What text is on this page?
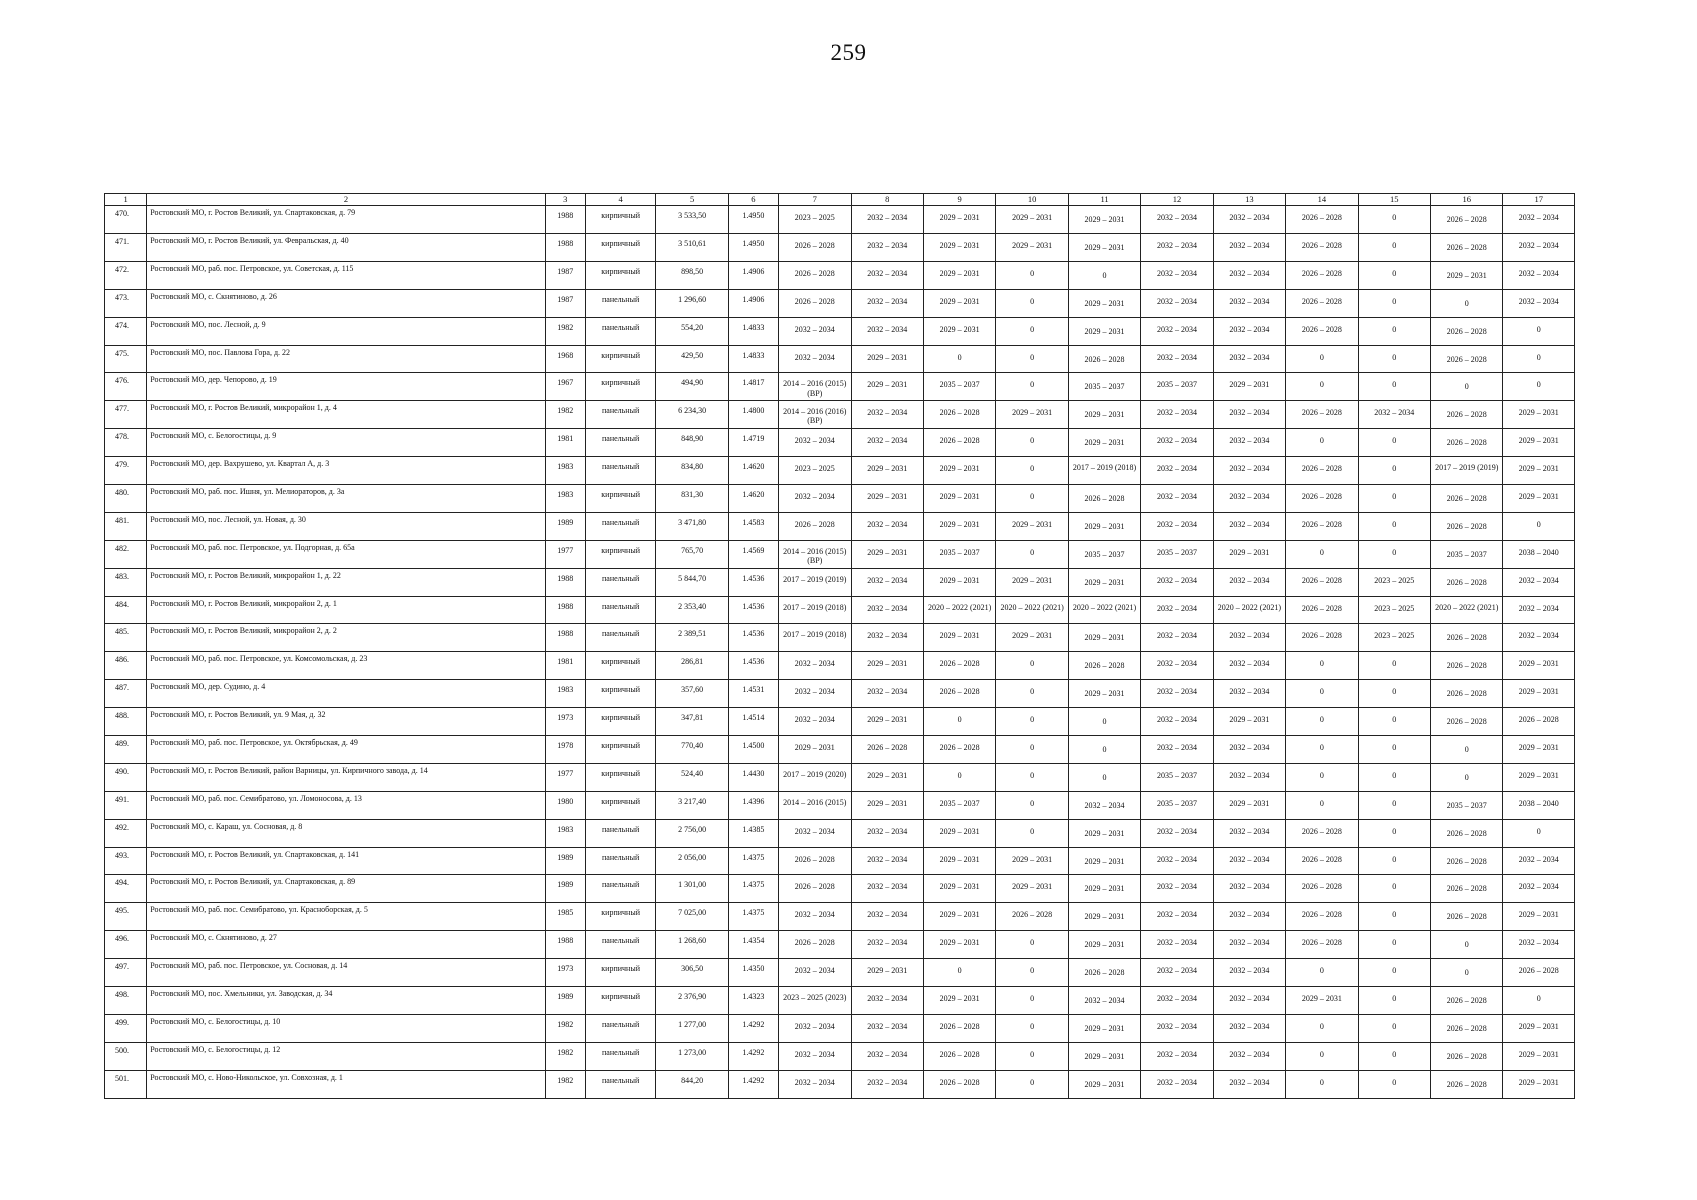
259
1	2	3	4	5	6	7	8	9	10	11	12	13	14	15	16	17
470.	Ростовский МО, г. Ростов Великий, ул. Спартаковская, д. 79	1988	кирпичный	3 533,50	1.4950	2023 – 2025	2032 – 2034	2029 – 2031	2029 – 2031	2029 – 2031	2032 – 2034	2032 – 2034	2026 – 2028	0	2026 – 2028	2032 – 2034
471.	Ростовский МО, г. Ростов Великий, ул. Февральская, д. 40	1988	кирпичный	3 510,61	1.4950	2026 – 2028	2032 – 2034	2029 – 2031	2029 – 2031	2029 – 2031	2032 – 2034	2032 – 2034	2026 – 2028	0	2026 – 2028	2032 – 2034
472.	Ростовский МО, раб. пос. Петровское, ул. Советская, д. 115	1987	кирпичный	898,50	1.4906	2026 – 2028	2032 – 2034	2029 – 2031	0	0	2032 – 2034	2032 – 2034	2026 – 2028	0	2029 – 2031	2032 – 2034
473.	Ростовский МО, с. Скнятиново, д. 26	1987	панельный	1 296,60	1.4906	2026 – 2028	2032 – 2034	2029 – 2031	0	2029 – 2031	2032 – 2034	2032 – 2034	2026 – 2028	0	0	2032 – 2034
474.	Ростовский МО, пос. Лесной, д. 9	1982	панельный	554,20	1.4833	2032 – 2034	2032 – 2034	2029 – 2031	0	2029 – 2031	2032 – 2034	2032 – 2034	2026 – 2028	0	2026 – 2028	0
475.	Ростовский МО, пос. Павлова Гора, д. 22	1968	кирпичный	429,50	1.4833	2032 – 2034	2029 – 2031	0	0	2026 – 2028	2032 – 2034	2032 – 2034	0	0	2026 – 2028	0
476.	Ростовский МО, дер. Чепорово, д. 19	1967	кирпичный	494,90	1.4817	2014 – 2016 (2015) (ВР)	2029 – 2031	2035 – 2037	0	2035 – 2037	2035 – 2037	2029 – 2031	0	0	0	0
477.	Ростовский МО, г. Ростов Великий, микрорайон 1, д. 4	1982	панельный	6 234,30	1.4800	2014 – 2016 (2016) (ВР)	2032 – 2034	2026 – 2028	2029 – 2031	2029 – 2031	2032 – 2034	2032 – 2034	2026 – 2028	2032 – 2034	2026 – 2028	2029 – 2031
478.	Ростовский МО, с. Белогостицы, д. 9	1981	панельный	848,90	1.4719	2032 – 2034	2032 – 2034	2026 – 2028	0	2029 – 2031	2032 – 2034	2032 – 2034	0	0	2026 – 2028	2029 – 2031
479.	Ростовский МО, дер. Вахрушево, ул. Квартал А, д. 3	1983	панельный	834,80	1.4620	2023 – 2025	2029 – 2031	2029 – 2031	0	2017 – 2019 (2018)	2032 – 2034	2032 – 2034	2026 – 2028	0	2017 – 2019 (2019)	2029 – 2031
480.	Ростовский МО, раб. пос. Ишня, ул. Мелиораторов, д. 3а	1983	кирпичный	831,30	1.4620	2032 – 2034	2029 – 2031	2029 – 2031	0	2026 – 2028	2032 – 2034	2032 – 2034	2026 – 2028	0	2026 – 2028	2029 – 2031
481.	Ростовский МО, пос. Лесной, ул. Новая, д. 30	1989	панельный	3 471,80	1.4583	2026 – 2028	2032 – 2034	2029 – 2031	2029 – 2031	2029 – 2031	2032 – 2034	2032 – 2034	2026 – 2028	0	2026 – 2028	0
482.	Ростовский МО, раб. пос. Петровское, ул. Подгорная, д. 65а	1977	кирпичный	765,70	1.4569	2014 – 2016 (2015) (ВР)	2029 – 2031	2035 – 2037	0	2035 – 2037	2035 – 2037	2029 – 2031	0	0	2035 – 2037	2038 – 2040
483.	Ростовский МО, г. Ростов Великий, микрорайон 1, д. 22	1988	панельный	5 844,70	1.4536	2017 – 2019 (2019)	2032 – 2034	2029 – 2031	2029 – 2031	2029 – 2031	2032 – 2034	2032 – 2034	2026 – 2028	2023 – 2025	2026 – 2028	2032 – 2034
484.	Ростовский МО, г. Ростов Великий, микрорайон 2, д. 1	1988	панельный	2 353,40	1.4536	2017 – 2019 (2018)	2032 – 2034	2020 – 2022 (2021)	2020 – 2022 (2021)	2020 – 2022 (2021)	2032 – 2034	2020 – 2022 (2021)	2026 – 2028	2023 – 2025	2020 – 2022 (2021)	2032 – 2034
485.	Ростовский МО, г. Ростов Великий, микрорайон 2, д. 2	1988	панельный	2 389,51	1.4536	2017 – 2019 (2018)	2032 – 2034	2029 – 2031	2029 – 2031	2029 – 2031	2032 – 2034	2032 – 2034	2026 – 2028	2023 – 2025	2026 – 2028	2032 – 2034
486.	Ростовский МО, раб. пос. Петровское, ул. Комсомольская, д. 23	1981	кирпичный	286,81	1.4536	2032 – 2034	2029 – 2031	2026 – 2028	0	2026 – 2028	2032 – 2034	2032 – 2034	0	0	2026 – 2028	2029 – 2031
487.	Ростовский МО, дер. Судино, д. 4	1983	кирпичный	357,60	1.4531	2032 – 2034	2032 – 2034	2026 – 2028	0	2029 – 2031	2032 – 2034	2032 – 2034	0	0	2026 – 2028	2029 – 2031
488.	Ростовский МО, г. Ростов Великий, ул. 9 Мая, д. 32	1973	кирпичный	347,81	1.4514	2032 – 2034	2029 – 2031	0	0	0	2032 – 2034	2029 – 2031	0	0	2026 – 2028	2026 – 2028
489.	Ростовский МО, раб. пос. Петровское, ул. Октябрьская, д. 49	1978	кирпичный	770,40	1.4500	2029 – 2031	2026 – 2028	2026 – 2028	0	0	2032 – 2034	2032 – 2034	0	0	0	2029 – 2031
490.	Ростовский МО, г. Ростов Великий, район Варницы, ул. Кирпичного завода, д. 14	1977	кирпичный	524,40	1.4430	2017 – 2019 (2020)	2029 – 2031	0	0	0	2035 – 2037	2032 – 2034	0	0	0	2029 – 2031
491.	Ростовский МО, раб. пос. Семибратово, ул. Ломоносова, д. 13	1980	кирпичный	3 217,40	1.4396	2014 – 2016 (2015)	2029 – 2031	2035 – 2037	0	2032 – 2034	2035 – 2037	2029 – 2031	0	0	2035 – 2037	2038 – 2040
492.	Ростовский МО, с. Караш, ул. Сосновая, д. 8	1983	панельный	2 756,00	1.4385	2032 – 2034	2032 – 2034	2029 – 2031	0	2029 – 2031	2032 – 2034	2032 – 2034	2026 – 2028	0	2026 – 2028	0
493.	Ростовский МО, г. Ростов Великий, ул. Спартаковская, д. 141	1989	панельный	2 056,00	1.4375	2026 – 2028	2032 – 2034	2029 – 2031	2029 – 2031	2029 – 2031	2032 – 2034	2032 – 2034	2026 – 2028	0	2026 – 2028	2032 – 2034
494.	Ростовский МО, г. Ростов Великий, ул. Спартаковская, д. 89	1989	панельный	1 301,00	1.4375	2026 – 2028	2032 – 2034	2029 – 2031	2029 – 2031	2029 – 2031	2032 – 2034	2032 – 2034	2026 – 2028	0	2026 – 2028	2032 – 2034
495.	Ростовский МО, раб. пос. Семибратово, ул. Красноборская, д. 5	1985	кирпичный	7 025,00	1.4375	2032 – 2034	2032 – 2034	2029 – 2031	2026 – 2028	2029 – 2031	2032 – 2034	2032 – 2034	2026 – 2028	0	2026 – 2028	2029 – 2031
496.	Ростовский МО, с. Скнятиново, д. 27	1988	панельный	1 268,60	1.4354	2026 – 2028	2032 – 2034	2029 – 2031	0	2029 – 2031	2032 – 2034	2032 – 2034	2026 – 2028	0	0	2032 – 2034
497.	Ростовский МО, раб. пос. Петровское, ул. Сосновая, д. 14	1973	кирпичный	306,50	1.4350	2032 – 2034	2029 – 2031	0	0	2026 – 2028	2032 – 2034	2032 – 2034	0	0	0	2026 – 2028
498.	Ростовский МО, пос. Хмельники, ул. Заводская, д. 34	1989	кирпичный	2 376,90	1.4323	2023 – 2025 (2023)	2032 – 2034	2029 – 2031	0	2032 – 2034	2032 – 2034	2032 – 2034	2029 – 2031	0	2026 – 2028	0
499.	Ростовский МО, с. Белогостицы, д. 10	1982	панельный	1 277,00	1.4292	2032 – 2034	2032 – 2034	2026 – 2028	0	2029 – 2031	2032 – 2034	2032 – 2034	0	0	2026 – 2028	2029 – 2031
500.	Ростовский МО, с. Белогостицы, д. 12	1982	панельный	1 273,00	1.4292	2032 – 2034	2032 – 2034	2026 – 2028	0	2029 – 2031	2032 – 2034	2032 – 2034	0	0	2026 – 2028	2029 – 2031
501.	Ростовский МО, с. Ново-Никольское, ул. Совхозная, д. 1	1982	панельный	844,20	1.4292	2032 – 2034	2032 – 2034	2026 – 2028	0	2029 – 2031	2032 – 2034	2032 – 2034	0	0	2026 – 2028	2029 – 2031
